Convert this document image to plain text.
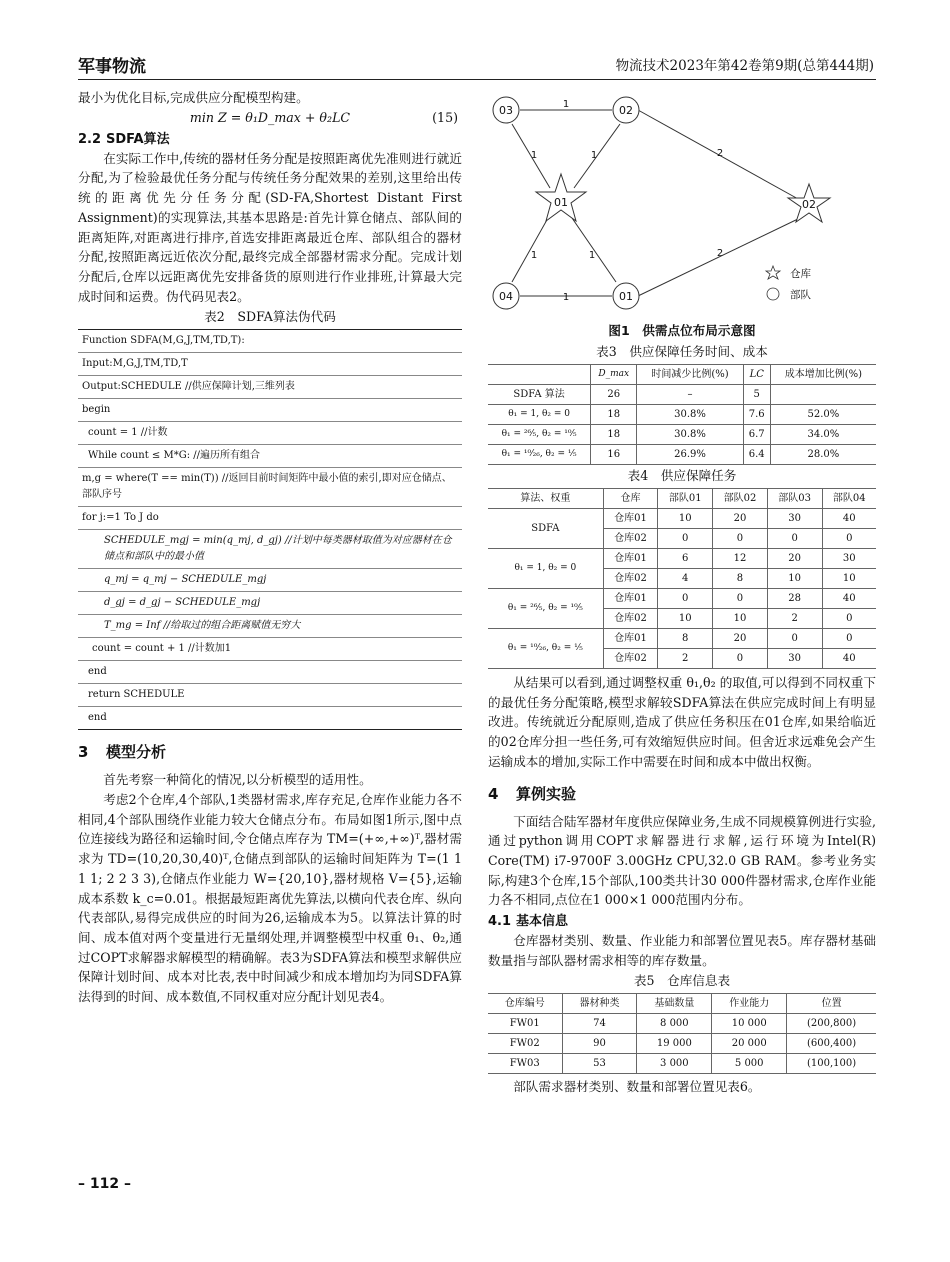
军事物流	物流技术2023年第42卷第9期(总第444期)

最小为优化目标,完成供应分配模型构建。

min Z = θ₁D_max + θ₂LC	(15)
2.2 SDFA算法

在实际工作中,传统的器材任务分配是按照距离优先准则进行就近分配,为了检验最优任务分配与传统任务分配效果的差别,这里给出传统的距离优先分任务分配(SD-FA,Shortest Distant First Assignment)的实现算法,其基本思路是:首先计算仓储点、部队间的距离矩阵,对距离进行排序,首选安排距离最近仓库、部队组合的器材分配,按照距离远近依次分配,最终完成全部器材需求分配。完成计划分配后,仓库以远距离优先安排备货的原则进行作业排班,计算最大完成时间和运费。伪代码见表2。

表2　SDFA算法伪代码
Function SDFA(M,G,J,TM,TD,T):
Input:M,G,J,TM,TD,T
Output:SCHEDULE //供应保障计划,三维列表
begin
count = 1 //计数
While count ≤ M*G: //遍历所有组合
m,g = where(T == min(T)) //返回目前时间矩阵中最小值的索引,即对应仓储点、部队序号
for j:=1 To J do
SCHEDULE_mgj = min(q_mj, d_gj) //计划中每类器材取值为对应器材在仓储点和部队中的最小值
q_mj = q_mj − SCHEDULE_mgj
d_gj = d_gj − SCHEDULE_mgj
T_mg = Inf //给取过的组合距离赋值无穷大
count = count + 1 //计数加1
end
return SCHEDULE
end
3 模型分析

首先考察一种简化的情况,以分析模型的适用性。

考虑2个仓库,4个部队,1类器材需求,库存充足,仓库作业能力各不相同,4个部队围绕作业能力较大仓储点分布。布局如图1所示,图中点位连接线为路径和运输时间,令仓储点库存为 TM=(+∞,+∞)ᵀ,器材需求为 TD=(10,20,30,40)ᵀ,仓储点到部队的运输时间矩阵为 T=(1 1 1 1; 2 2 3 3),仓储点作业能力 W={20,10},器材规格 V={5},运输成本系数 k_c=0.01。根据最短距离优先算法,以横向代表仓库、纵向代表部队,易得完成供应的时间为26,运输成本为5。以算法计算的时间、成本值对两个变量进行无量纲处理,并调整模型中权重 θ₁、θ₂,通过COPT求解器求解模型的精确解。表3为SDFA算法和模型求解供应保障计划时间、成本对比表,表中时间减少和成本增加均为同SDFA算法得到的时间、成本数值,不同权重对应分配计划见表4。

– 112 –
1
1	1	2
1	1
1
2
03	02
01	02
04	01
仓库
部队
图1　供需点位布局示意图
表3　供应保障任务时间、成本
	D_max	时间减少比例(%)	LC	成本增加比例(%)
SDFA 算法	26	–	5	
θ₁ = 1, θ₂ = 0	18	30.8%	7.6	52.0%
θ₁ = ²⁶⁄₅, θ₂ = ¹⁰⁄₅	18	30.8%	6.7	34.0%
θ₁ = ¹⁰⁄₂₆, θ₂ = ¹⁄₅	16	26.9%	6.4	28.0%
表4　供应保障任务
算法、权重	仓库	部队01	部队02	部队03	部队04
SDFA	仓库01	10	20	30	40
	仓库02	0	0	0	0
θ₁ = 1, θ₂ = 0	仓库01	6	12	20	30
	仓库02	4	8	10	10
θ₁ = ²⁶⁄₅, θ₂ = ¹⁰⁄₅	仓库01	0	0	28	40
	仓库02	10	10	2	0
θ₁ = ¹⁰⁄₂₆, θ₂ = ¹⁄₅	仓库01	8	20	0	0
	仓库02	2	0	30	40

从结果可以看到,通过调整权重 θ₁,θ₂ 的取值,可以得到不同权重下的最优任务分配策略,模型求解较SDFA算法在供应完成时间上有明显改进。传统就近分配原则,造成了供应任务积压在01仓库,如果给临近的02仓库分担一些任务,可有效缩短供应时间。但舍近求远难免会产生运输成本的增加,实际工作中需要在时间和成本中做出权衡。

4 算例实验

下面结合陆军器材年度供应保障业务,生成不同规模算例进行实验,通过python调用COPT求解器进行求解,运行环境为Intel(R) Core(TM) i7-9700F 3.00GHz CPU,32.0 GB RAM。参考业务实际,构建3个仓库,15个部队,100类共计30 000件器材需求,仓库作业能力各不相同,点位在1 000×1 000范围内分布。

4.1 基本信息

仓库器材类别、数量、作业能力和部署位置见表5。库存器材基础数量指与部队器材需求相等的库存数量。

表5　仓库信息表
仓库编号	器材种类	基础数量	作业能力	位置
FW01	74	8 000	10 000	(200,800)
FW02	90	19 000	20 000	(600,400)
FW03	53	3 000	5 000	(100,100)

部队需求器材类别、数量和部署位置见表6。
